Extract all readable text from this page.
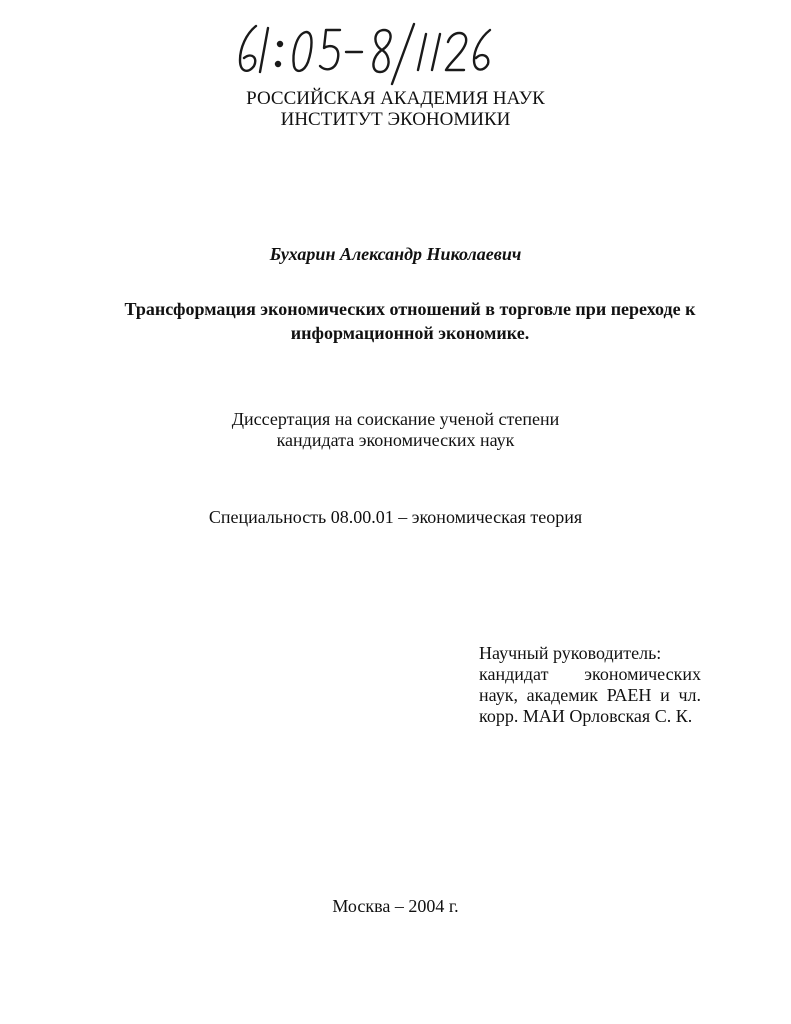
РОССИЙСКАЯ АКАДЕМИЯ НАУК
ИНСТИТУТ ЭКОНОМИКИ
Бухарин Александр Николаевич
Трансформация экономических отношений в торговле при переходе к
информационной экономике.
Диссертация на соискание ученой степени
кандидата экономических наук
Специальность 08.00.01 – экономическая теория
Научный руководитель:
кандидат экономических
наук, академик РАЕН и чл.
корр. МАИ Орловская С. К.
Москва – 2004 г.
